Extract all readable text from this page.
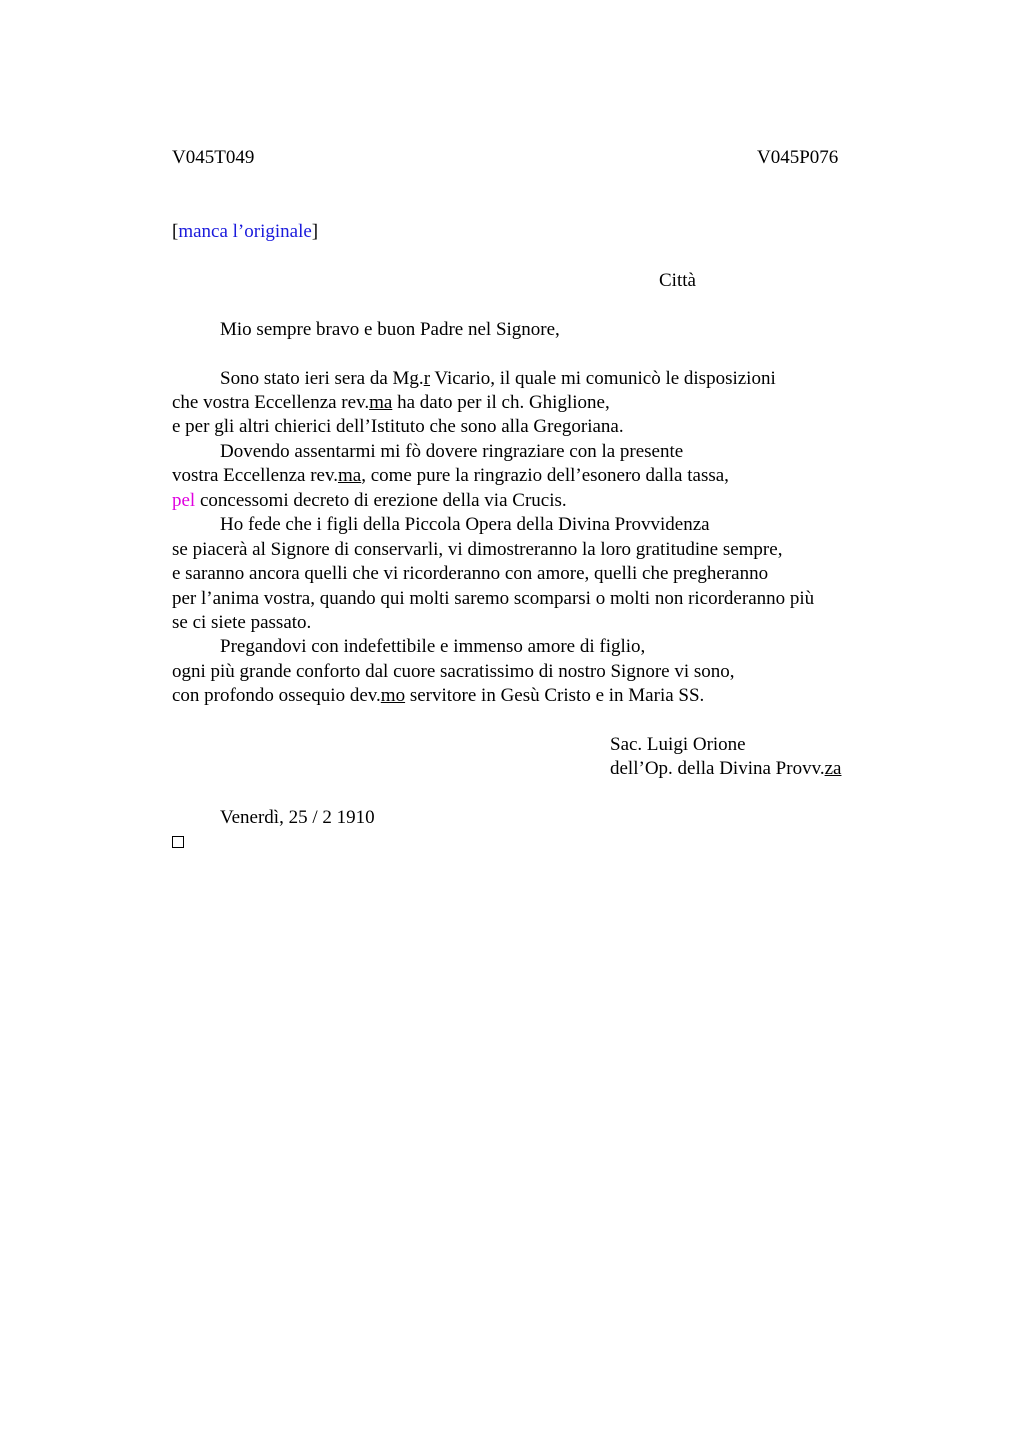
V045T049	V045P076
[manca l’originale]
Città
Mio sempre bravo e buon Padre nel Signore,
Sono stato ieri sera da Mg.r Vicario, il quale mi comunicò le disposizioni
che vostra Eccellenza rev.ma ha dato per il ch. Ghiglione,
e per gli altri chierici dell’Istituto che sono alla Gregoriana.
Dovendo assentarmi mi fò dovere ringraziare con la presente
vostra Eccellenza rev.ma, come pure la ringrazio dell’esonero dalla tassa,
pel concessomi decreto di erezione della via Crucis.
Ho fede che i figli della Piccola Opera della Divina Provvidenza
se piacerà al Signore di conservarli, vi dimostreranno la loro gratitudine sempre,
e saranno ancora quelli che vi ricorderanno con amore, quelli che pregheranno
per l’anima vostra, quando qui molti saremo scomparsi o molti non ricorderanno più
se ci siete passato.
Pregandovi con indefettibile e immenso amore di figlio,
ogni più grande conforto dal cuore sacratissimo di nostro Signore vi sono,
con profondo ossequio dev.mo servitore in Gesù Cristo e in Maria SS.
Sac. Luigi Orione
dell’Op. della Divina Provv.za
Venerdì, 25 / 2 1910
